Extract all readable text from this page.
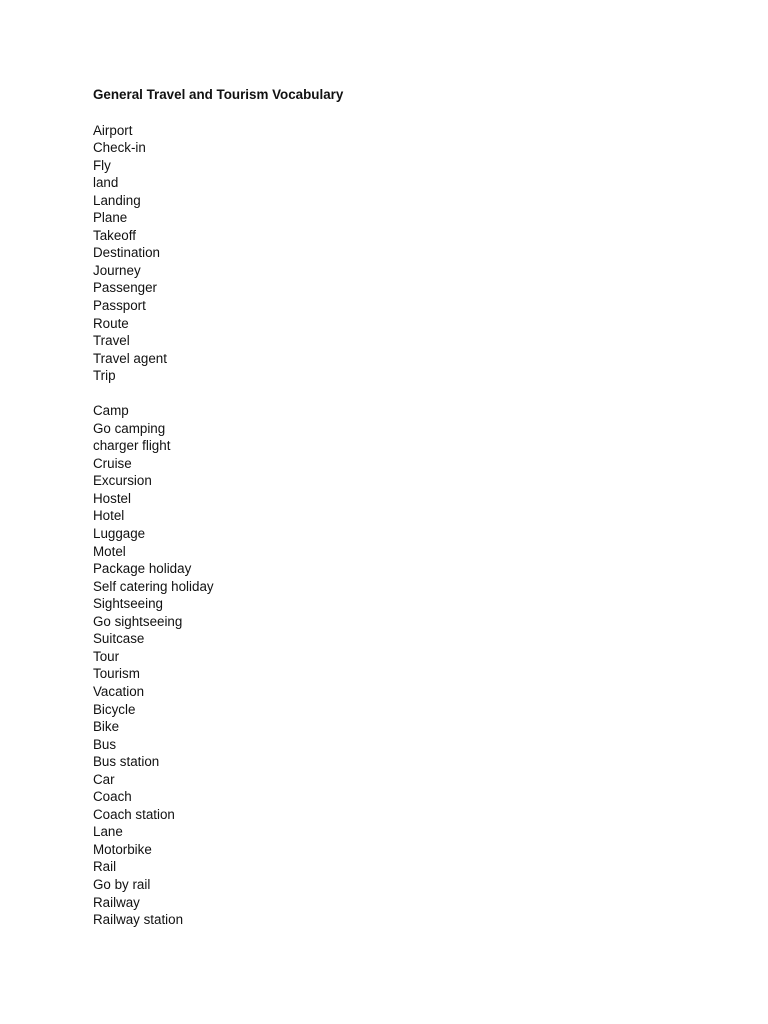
General Travel and Tourism Vocabulary
Airport
Check-in
Fly
land
Landing
Plane
Takeoff
Destination
Journey
Passenger
Passport
Route
Travel
Travel agent
Trip
Camp
Go camping
charger flight
Cruise
Excursion
Hostel
Hotel
Luggage
Motel
Package holiday
Self catering holiday
Sightseeing
Go sightseeing
Suitcase
Tour
Tourism
Vacation
Bicycle
Bike
Bus
Bus station
Car
Coach
Coach station
Lane
Motorbike
Rail
Go by rail
Railway
Railway station
